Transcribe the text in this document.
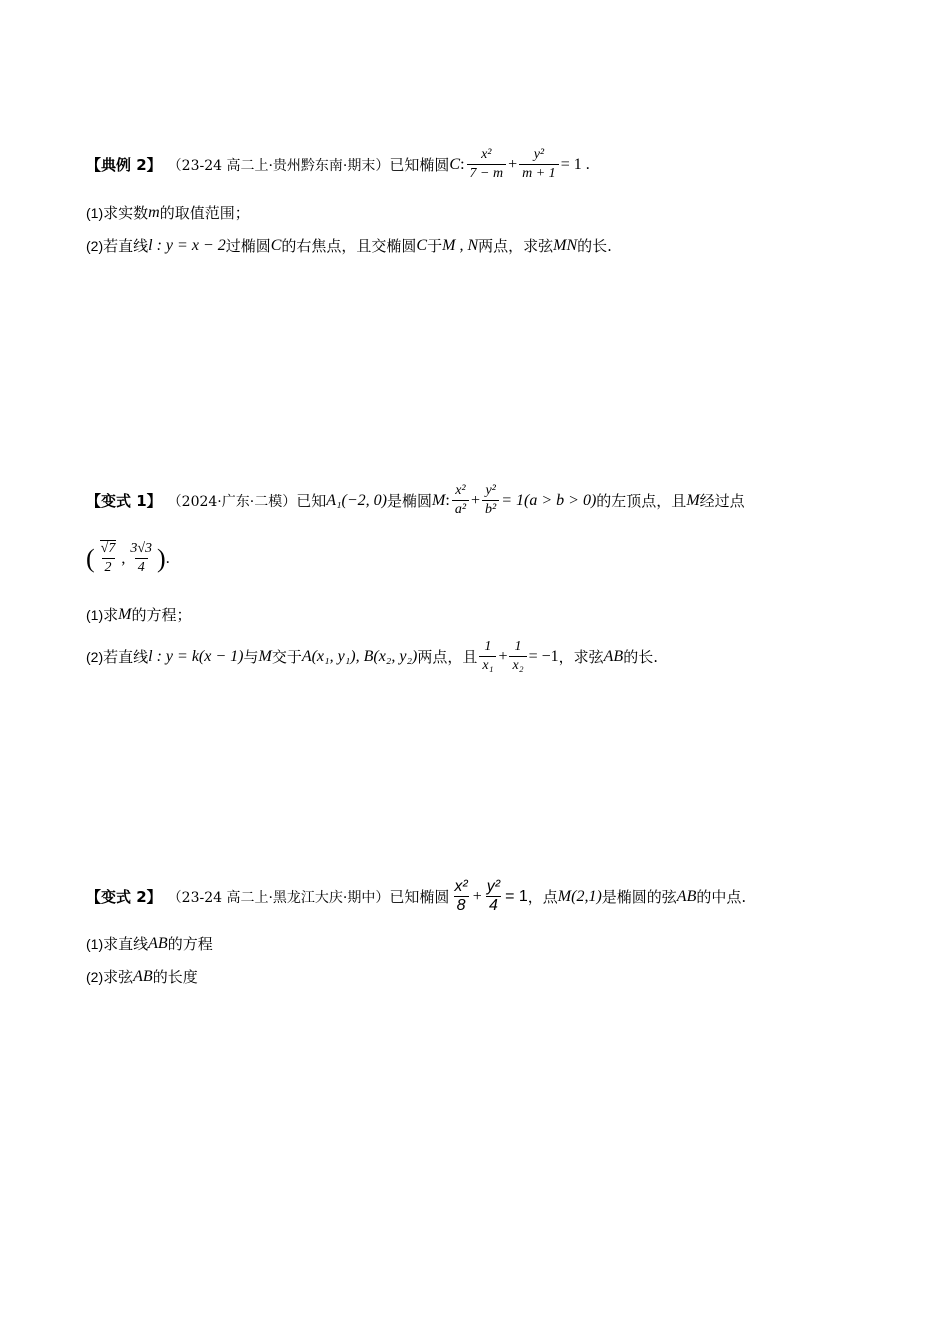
【典例 2】 （23-24 高二上·贵州黔东南·期末） 已知椭圆 C : $\frac{\text{x²}}{7 - m} + \frac{\text{y²}}{m + 1} = 1$ .
(1) 求实数 m 的取值范围；
(2) 若直线 l : y = x − 2 过椭圆 C 的右焦点，且交椭圆 C 于 M , N 两点，求弦 MN 的长.
【变式 1】 （2024·广东·二模） 已知 A₁(−2, 0) 是椭圆 M : $\frac{\text{x²}}{\text{a²}} + \frac{\text{y²}}{\text{b²}} = 1(a > b > 0)$ 的左顶点，且 M 经过点
( $\frac{√7}{2}$ , $\frac{3√3}{4}$ ) .
(1) 求 M 的方程；
(2) 若直线 l : y = k(x − 1) 与 M 交于 A(x₁, y₁), B(x₂, y₂) 两点，且 $\frac{1}{\text{x₁}} + \frac{1}{\text{x₂}} = -1$ ，求弦 AB 的长.
【变式 2】 （23-24 高二上·黑龙江大庆·期中） 已知椭圆 $\frac{\text{x²}}{8} + \frac{\text{y²}}{4} = 1$ ，点 M(2,1) 是椭圆的弦 AB 的中点.
(1) 求直线 AB 的方程
(2) 求弦 AB 的长度
